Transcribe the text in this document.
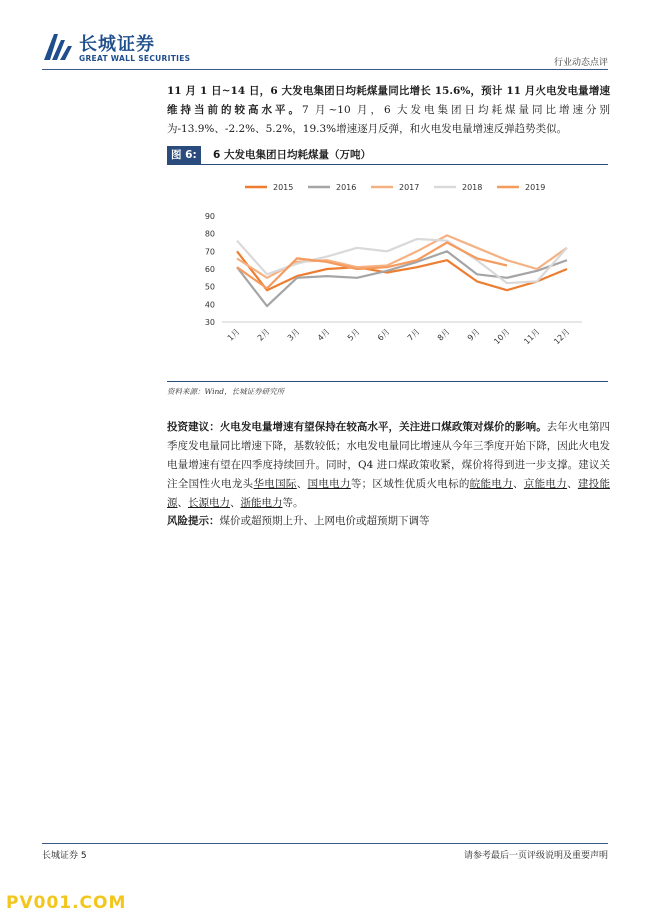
长城证券
GREAT WALL SECURITIES	行业动态点评
11 月 1 日~14 日，6 大发电集团日均耗煤量同比增长 15.6%，预计 11 月火电发电量增速维持当前的较高水平。7 月~10 月，6 大发电集团日均耗煤量同比增速分别为-13.9%、-2.2%、5.2%，19.3%增速逐月反弹，和火电发电量增速反弹趋势类似。
图 6:	6 大发电集团日均耗煤量（万吨）
2015	2016	2017	2018	2019
30
40
50
60
70
80
90
1月 2月 3月 4月 5月 6月 7月 8月 9月 10月 11月 12月
资料来源：Wind，长城证券研究所
投资建议：火电发电量增速有望保持在较高水平，关注进口煤政策对煤价的影响。去年火电第四季度发电量同比增速下降，基数较低；水电发电量同比增速从今年三季度开始下降，因此火电发电量增速有望在四季度持续回升。同时，Q4 进口煤政策收紧，煤价将得到进一步支撑。建议关注全国性火电龙头华电国际、国电电力等；区域性优质火电标的皖能电力、京能电力、建投能源、长源电力、浙能电力等。
风险提示：煤价或超预期上升、上网电价或超预期下调等
长城证券 5	请参考最后一页评级说明及重要声明
PV001.COM
